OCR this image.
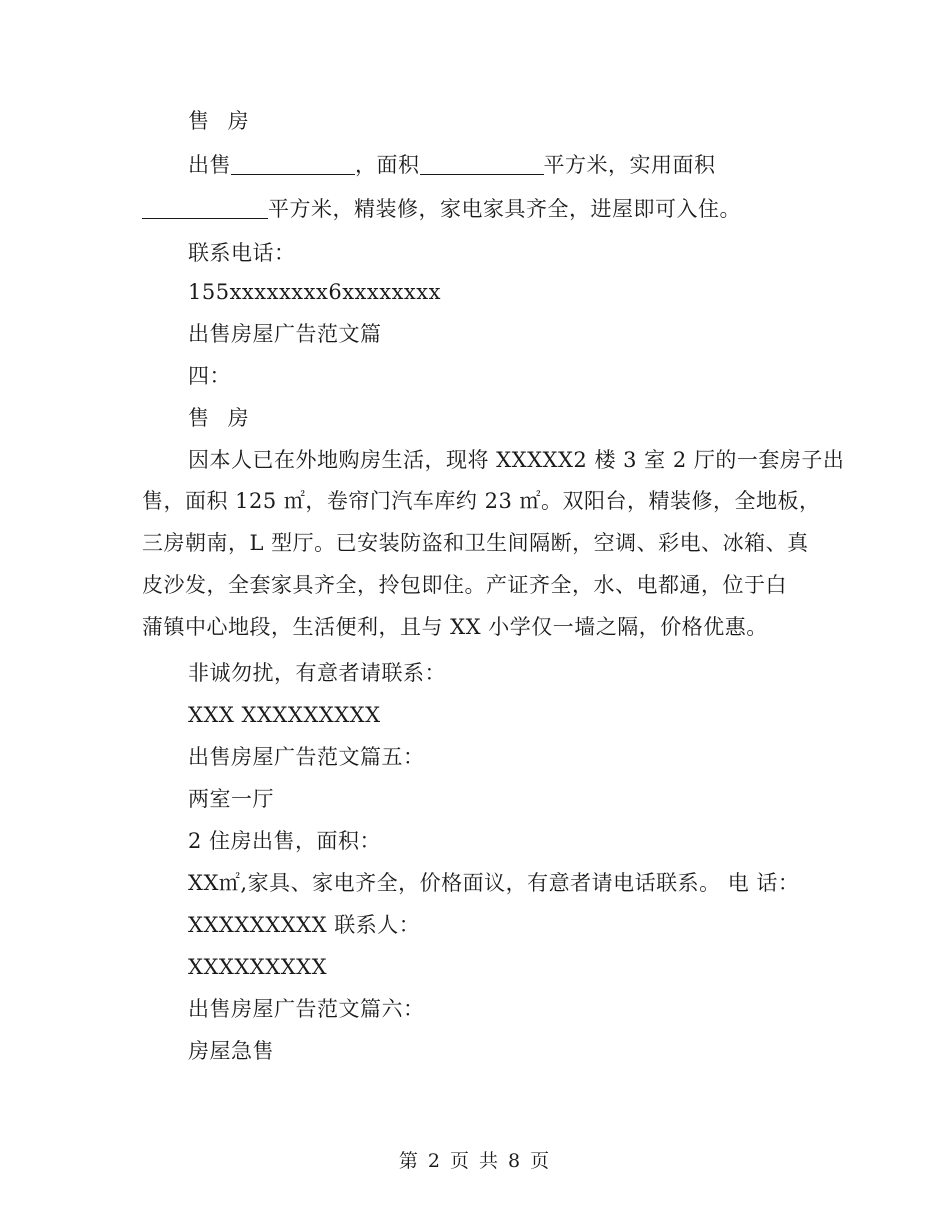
售 房
出售	，面积	平方米，实用面积
平方米，精装修，家电家具齐全，进屋即可入住。
联系电话：
155xxxxxxxx6xxxxxxxx
出售房屋广告范文篇
四：
售 房
因本人已在外地购房生活，现将 XXXXX2 楼 3 室 2 厅的一套房子出
售，面积 125 ㎡，卷帘门汽车库约 23 ㎡。双阳台，精装修，全地板，
三房朝南，L 型厅。已安装防盗和卫生间隔断，空调、彩电、冰箱、真
皮沙发，全套家具齐全，拎包即住。产证齐全，水、电都通，位于白
蒲镇中心地段，生活便利，且与 XX 小学仅一墙之隔，价格优惠。
非诚勿扰，有意者请联系：
XXX XXXXXXXXX
出售房屋广告范文篇五：
两室一厅
2 住房出售，面积：
XX㎡,家具、家电齐全，价格面议，有意者请电话联系。 电 话：
XXXXXXXXX 联系人：
XXXXXXXXX
出售房屋广告范文篇六：
房屋急售
第 2 页 共 8 页
